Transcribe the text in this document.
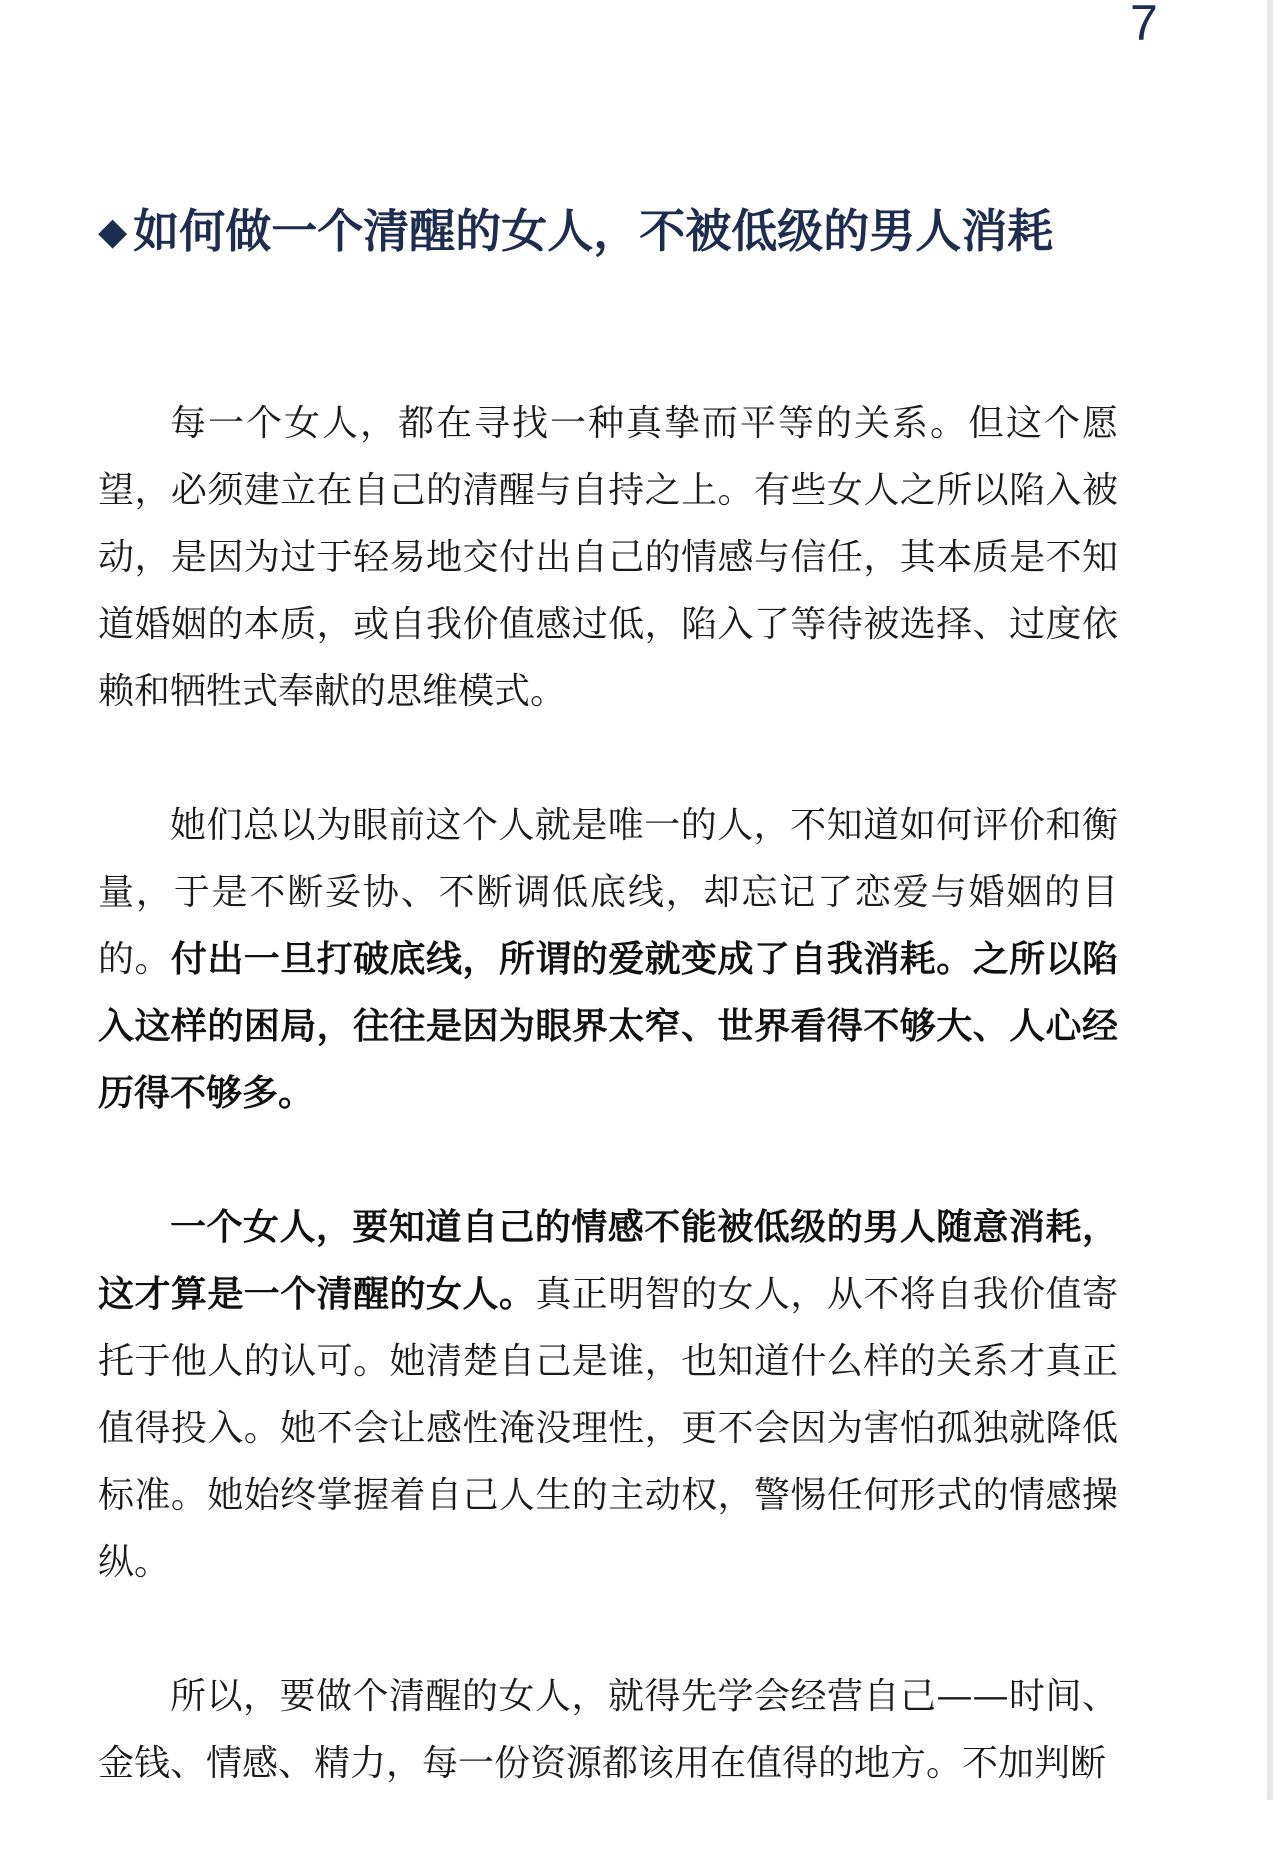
7
◆ 如何做一个清醒的女人，不被低级的男人消耗

每一个女人，都在寻找一种真挚而平等的关系。但这个愿望，必须建立在自己的清醒与自持之上。有些女人之所以陷入被动，是因为过于轻易地交付出自己的情感与信任，其本质是不知道婚姻的本质，或自我价值感过低，陷入了等待被选择、过度依赖和牺牲式奉献的思维模式。

她们总以为眼前这个人就是唯一的人，不知道如何评价和衡量，于是不断妥协、不断调低底线，却忘记了恋爱与婚姻的目的。付出一旦打破底线，所谓的爱就变成了自我消耗。之所以陷入这样的困局，往往是因为眼界太窄、世界看得不够大、人心经历得不够多。

一个女人，要知道自己的情感不能被低级的男人随意消耗，这才算是一个清醒的女人。真正明智的女人，从不将自我价值寄托于他人的认可。她清楚自己是谁，也知道什么样的关系才真正值得投入。她不会让感性淹没理性，更不会因为害怕孤独就降低标准。她始终掌握着自己人生的主动权，警惕任何形式的情感操纵。

所以，要做个清醒的女人，就得先学会经营自己——时间、金钱、情感、精力，每一份资源都该用在值得的地方。不加判断
